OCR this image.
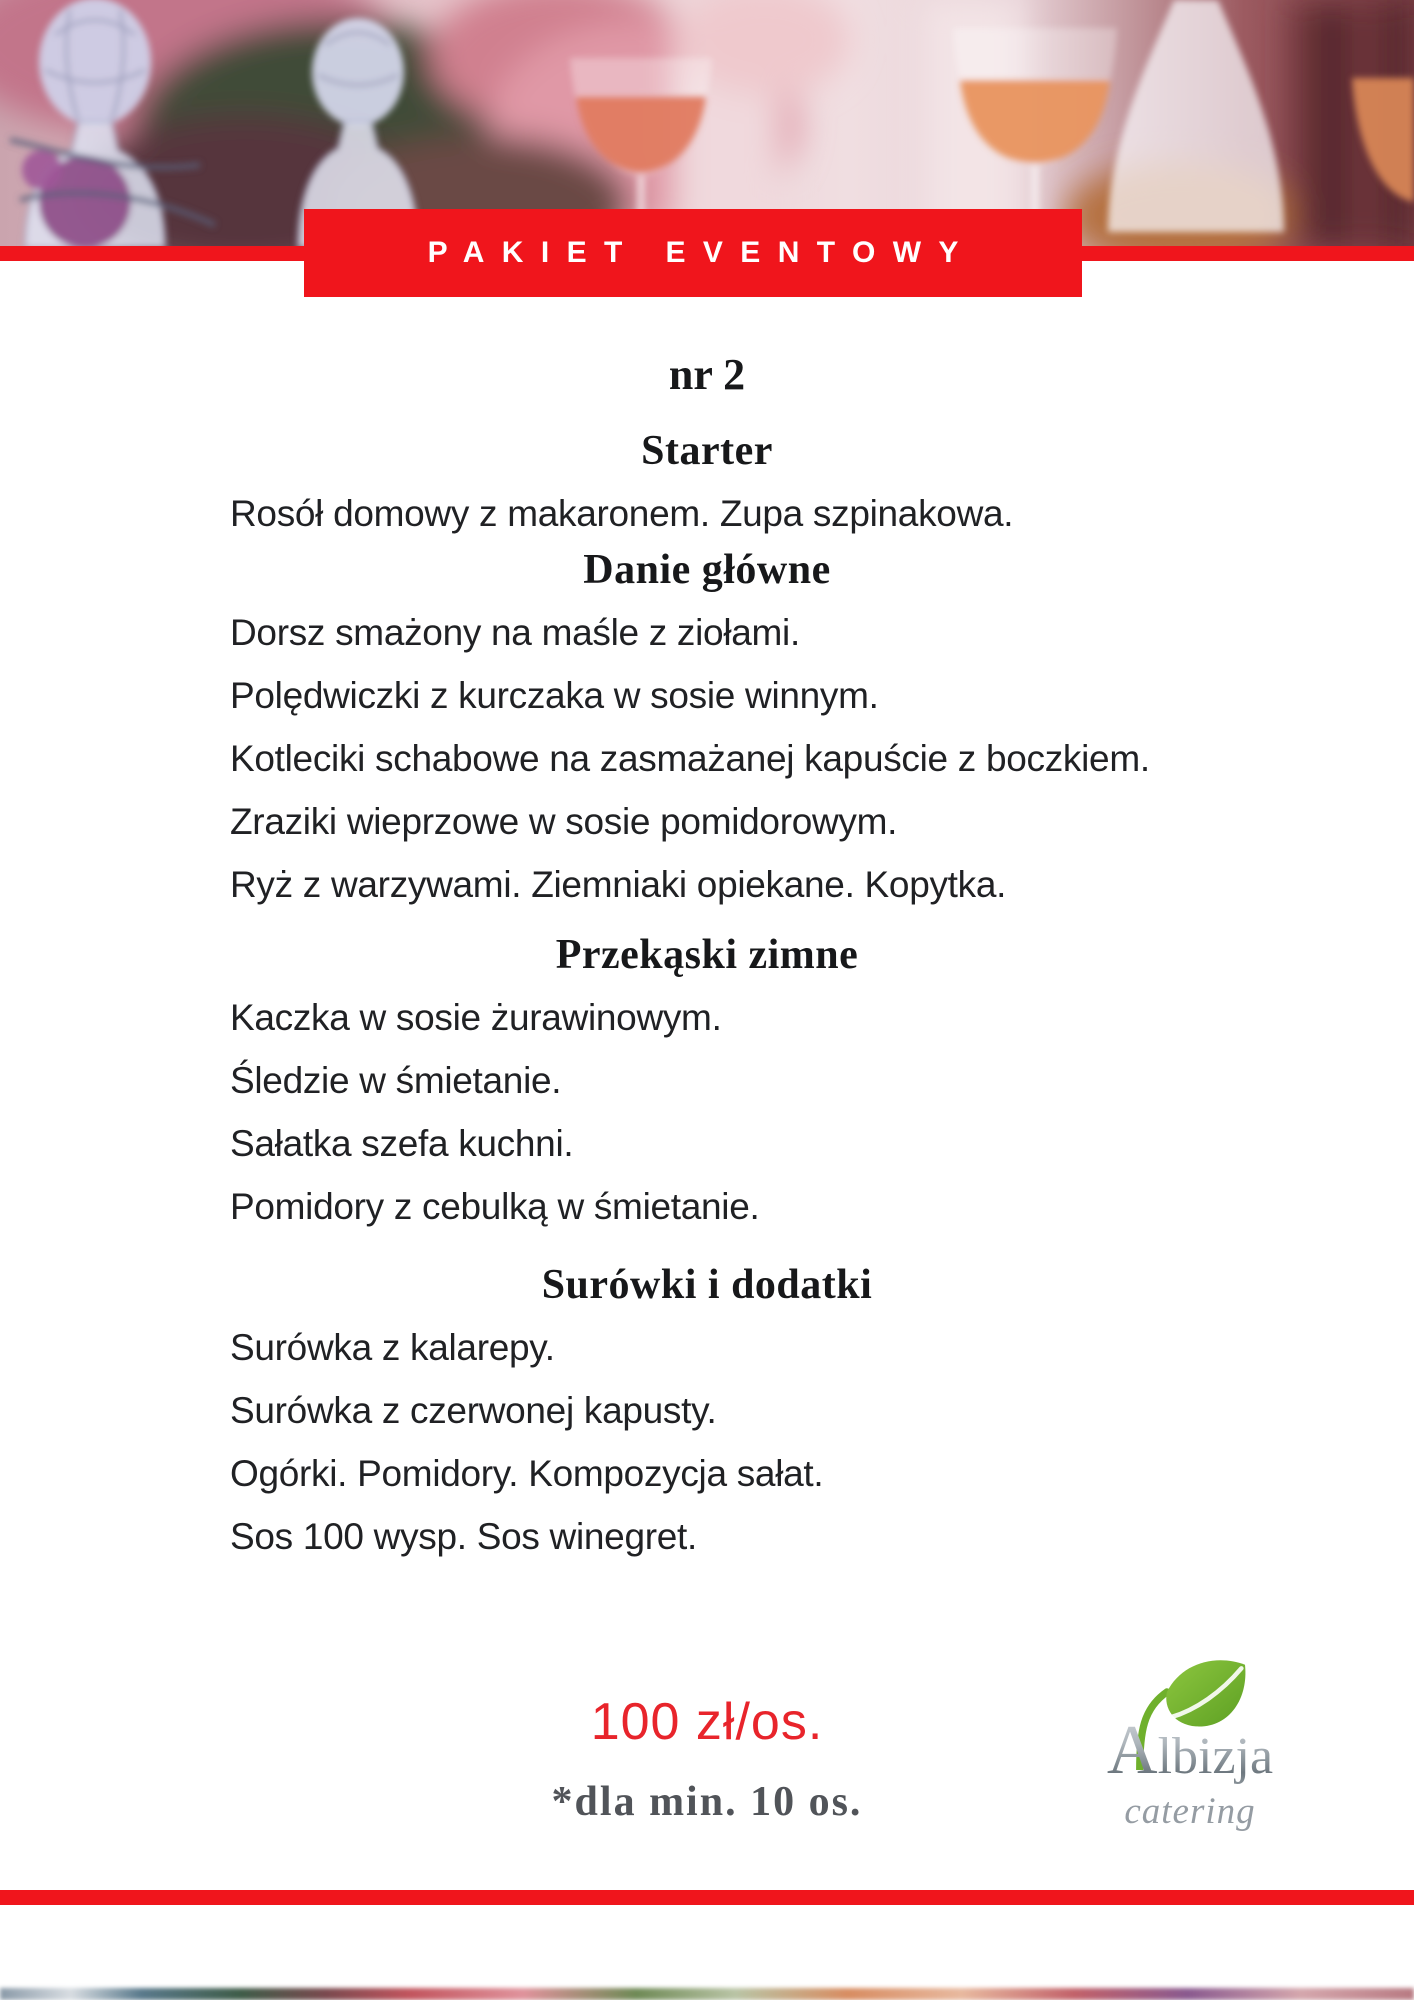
PAKIET EVENTOWY
nr 2
Starter
Rosół domowy z makaronem. Zupa szpinakowa.
Danie główne
Dorsz smażony na maśle z ziołami.
Polędwiczki z kurczaka w sosie winnym.
Kotleciki schabowe na zasmażanej kapuście z boczkiem.
Zraziki wieprzowe w sosie pomidorowym.
Ryż z warzywami. Ziemniaki opiekane. Kopytka.
Przekąski zimne
Kaczka w sosie żurawinowym.
Śledzie w śmietanie.
Sałatka szefa kuchni.
Pomidory z cebulką w śmietanie.
Surówki i dodatki
Surówka z kalarepy.
Surówka z czerwonej kapusty.
Ogórki. Pomidory. Kompozycja sałat.
Sos 100 wysp. Sos winegret.
100 zł/os.
*dla min. 10 os.
Albizja
catering
